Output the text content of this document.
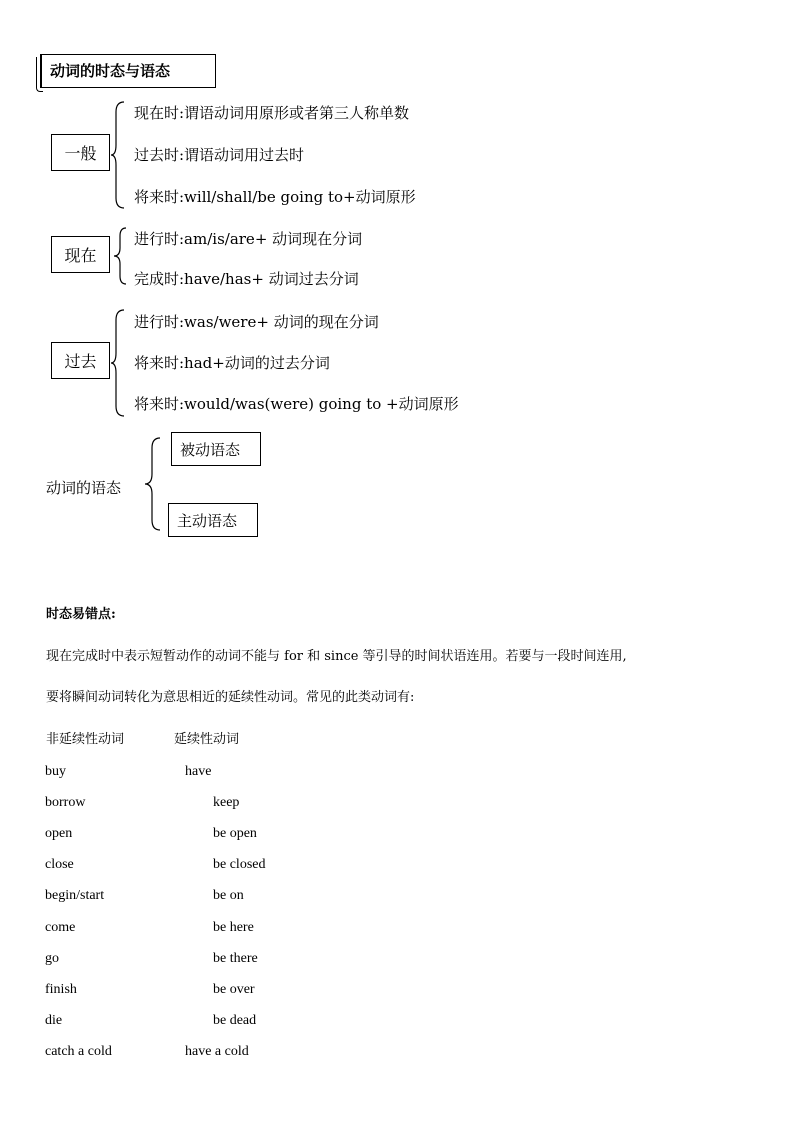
动词的时态与语态
一般
现在时:谓语动词用原形或者第三人称单数
过去时:谓语动词用过去时
将来时:will/shall/be going to+动词原形
现在
进行时:am/is/are+ 动词现在分词
完成时:have/has+ 动词过去分词
过去
进行时:was/were+ 动词的现在分词
将来时:had+动词的过去分词
将来时:would/was(were) going to +动词原形
动词的语态
被动语态
主动语态
时态易错点:
现在完成时中表示短暂动作的动词不能与 for 和 since 等引导的时间状语连用。若要与一段时间连用,
要将瞬间动词转化为意思相近的延续性动词。常见的此类动词有:
非延续性动词	延续性动词
buy	have
borrow	keep
open	be open
close	be closed
begin/start	be on
come	be here
go	be there
finish	be over
die	be dead
catch a cold	have a cold
